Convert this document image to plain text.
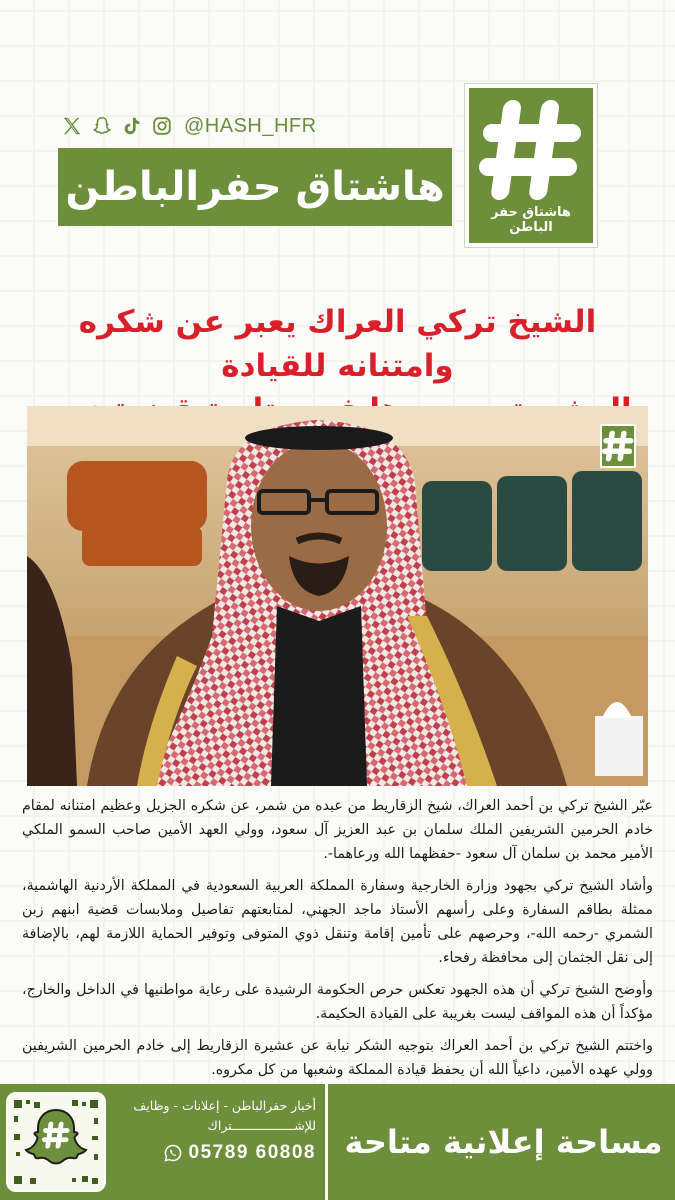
هاشتاق حفر الباطن
@HASH_HFR
هاشتاق حفرالباطن
الشيخ تركي العراك يعبر عن شكره وامتنانه للقيادة

عبّر الشيخ تركي بن أحمد العراك، شيخ الزقاريط من عبده من شمر، عن شكره الجزيل وعظيم امتنانه لمقام خادم الحرمين الشريفين الملك سلمان بن عبد العزيز آل سعود، وولي العهد الأمين صاحب السمو الملكي الأمير محمد بن سلمان آل سعود -حفظهما الله ورعاهما-.

وأشاد الشيخ تركي بجهود وزارة الخارجية وسفارة المملكة العربية السعودية في المملكة الأردنية الهاشمية، ممثلة بطاقم السفارة وعلى رأسهم الأستاذ ماجد الجهني، لمتابعتهم تفاصيل وملابسات قضية ابنهم زبن الشمري -رحمه الله-، وحرصهم على تأمين إقامة وتنقل ذوي المتوفى وتوفير الحماية اللازمة لهم، بالإضافة إلى نقل الجثمان إلى محافظة رفحاء.

وأوضح الشيخ تركي أن هذه الجهود تعكس حرص الحكومة الرشيدة على رعاية مواطنيها في الداخل والخارج، مؤكداً أن هذه المواقف ليست بغريبة على القيادة الحكيمة.

واختتم الشيخ تركي بن أحمد العراك بتوجيه الشكر نيابة عن عشيرة الزقاريط إلى خادم الحرمين الشريفين وولي عهده الأمين، داعياً الله أن يحفظ قيادة المملكة وشعبها من كل مكروه.

مساحة إعلانية متاحة
أخبار حفرالباطن - إعلانات - وظايف
للإشـــــــــــــــــتراك
05789 60808
